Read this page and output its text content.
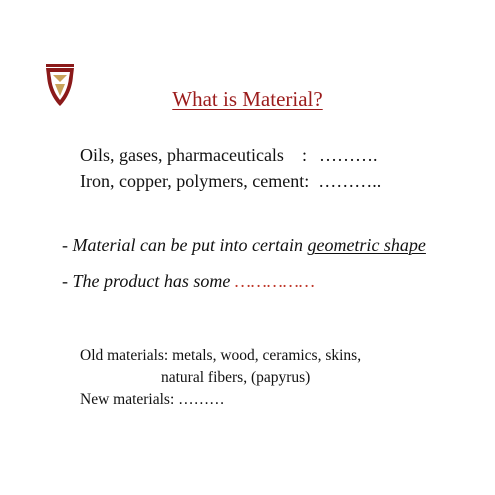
What is Material?
Oils, gases, pharmaceuticals : ……….
Iron, copper, polymers, cement: ………..
- Material can be put into certain geometric shape
- The product has some ……………
Old materials: metals, wood, ceramics, skins,
natural fibers, (papyrus)
New materials: ………
